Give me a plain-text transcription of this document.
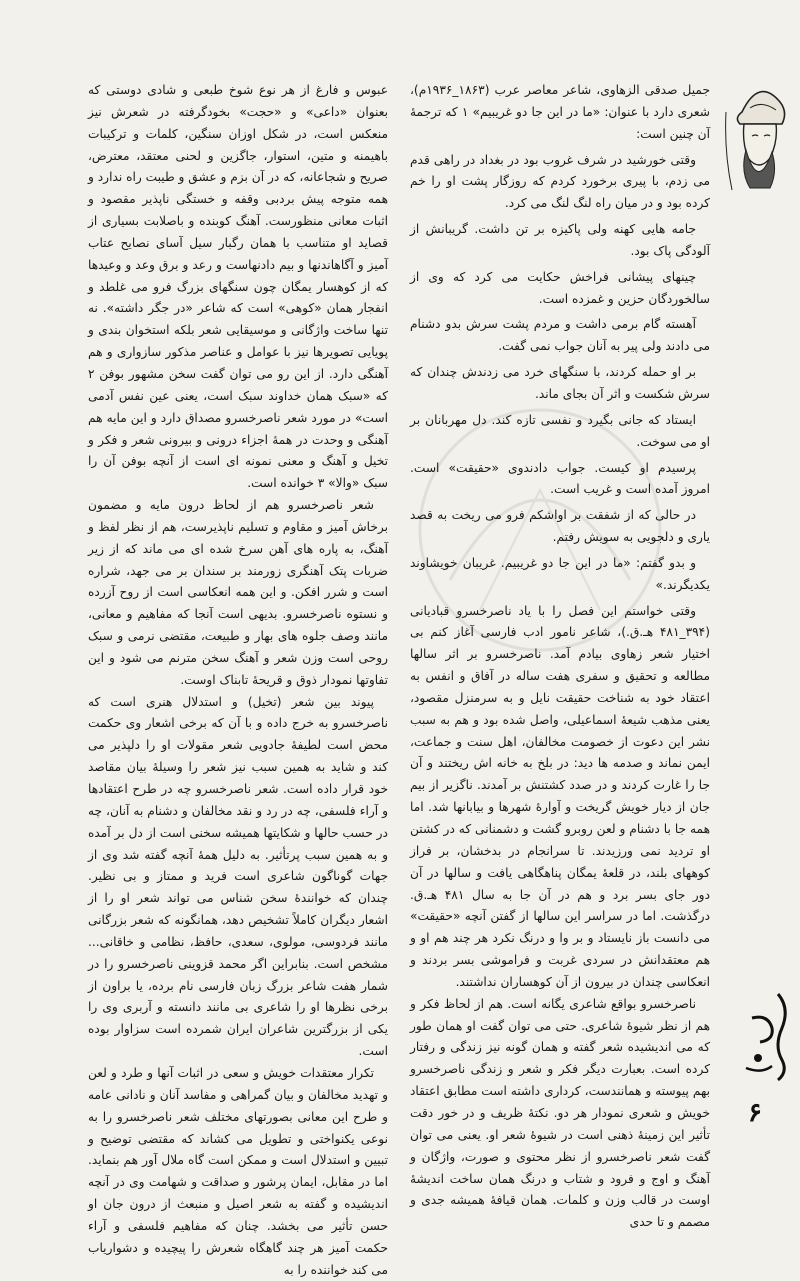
جمیل صدقی الزهاوی، شاعر معاصر عرب (۱۸۶۳_۱۹۳۶م)، شعری دارد با عنوان: «ما در این جا دو غریبیم» ۱ که ترجمهٔ آن چنین است:

وقتی خورشید در شرف غروب بود در بغداد در راهی قدم می زدم، با پیری برخورد کردم که روزگار پشت او را خم کرده بود و در میان راه لنگ لنگ می کرد.

جامه هایی کهنه ولی پاکیزه بر تن داشت. گریبانش از آلودگی پاک بود.

چینهای پیشانی فراخش حکایت می کرد که وی از سالخوردگان حزین و غمزده است.

آهسته گام برمی داشت و مردم پشت سرش بدو دشنام می دادند ولی پیر به آنان جواب نمی گفت.

بر او حمله کردند، با سنگهای خرد می زدندش چندان که سرش شکست و اثر آن بجای ماند.

ایستاد که جانی بگیرد و نفسی تازه کند. دل مهربانان بر او می سوخت.

پرسیدم او کیست. جواب دادندوی «حقیقت» است. امروز آمده است و غریب است.

در حالی که از شفقت بر اواشکم فرو می ریخت به قصد یاری و دلجویی به سویش رفتم.

و بدو گفتم: «ما در این جا دو غریبیم. غریبان خویشاوند یکدیگرند.»

وقتی خواستم این فصل را با یاد ناصرخسرو قبادیانی (۳۹۴_۴۸۱ هـ.ق.)، شاعر نامور ادب فارسی آغاز کنم بی اختیار شعر زهاوی بیادم آمد. ناصرخسرو بر اثر سالها مطالعه و تحقیق و سفری هفت ساله در آفاق و انفس به اعتقاد خود به شناخت حقیقت نایل و به سرمنزل مقصود، یعنی مذهب شیعهٔ اسماعیلی، واصل شده بود و هم به سبب نشر این دعوت از خصومت مخالفان، اهل سنت و جماعت، ایمن نماند و صدمه ها دید: در بلخ به خانه اش ریختند و آن جا را غارت کردند و در صدد کشتنش بر آمدند. ناگزیر از بیم جان از دیار خویش گریخت و آوارهٔ شهرها و بیابانها شد. اما همه جا با دشنام و لعن روبرو گشت و دشمنانی که در کشتن او تردید نمی ورزیدند. تا سرانجام در بدخشان، بر فراز کوههای بلند، در قلعهٔ یمگان پناهگاهی یافت و سالها در آن دور جای بسر برد و هم در آن جا به سال ۴۸۱ هـ.ق. درگذشت. اما در سراسر این سالها از گفتن آنچه «حقیقت» می دانست باز نایستاد و بر وا و درنگ نکرد هر چند هم او و هم معتقدانش در سردی غربت و فراموشی بسر بردند و انعکاسی چندان در بیرون از آن کوهساران نداشتند.

ناصرخسرو بواقع شاعری یگانه است. هم از لحاظ فکر و هم از نظر شیوهٔ شاعری. حتی می توان گفت او همان طور که می اندیشیده شعر گفته و همان گونه نیز زندگی و رفتار کرده است. بعبارت دیگر فکر و شعر و زندگی ناصرخسرو بهم پیوسته و همانندست، کرداری داشته است مطابق اعتقاد خویش و شعری نمودار هر دو. نکتهٔ ظریف و در خور دقت تأثیر این زمینهٔ ذهنی است در شیوهٔ شعر او. یعنی می توان گفت شعر ناصرخسرو از نظر محتوی و صورت، واژگان و آهنگ و اوج و فرود و شتاب و درنگ همان ساخت اندیشهٔ اوست در قالب وزن و کلمات. همان قیافهٔ همیشه جدی و مصمم و تا حدی

عبوس و فارغ از هر نوع شوخ طبعی و شادی دوستی که بعنوان «داعی» و «حجت» بخودگرفته در شعرش نیز منعکس است، در شکل اوزان سنگین، کلمات و ترکیبات باهیمنه و متین، استوار، جاگزین و لحنی معتقد، معترض، صریح و شجاعانه، که در آن بزم و عشق و طیبت راه ندارد و همه متوجه پیش بردبی وقفه و خستگی ناپذیر مقصود و اثبات معانی منظورست. آهنگ کوبنده و باصلابت بسیاری از قصاید او متناسب با همان رگبار سیل آسای نصایح عتاب آمیز و آگاهاندنها و بیم دادنهاست و رعد و برق وعد و وعیدها که از کوهسار یمگان چون سنگهای بزرگ فرو می غلطد و انفجار همان «کوهی» است که شاعر «در جگر داشته». نه تنها ساخت واژگانی و موسیقایی شعر بلکه استخوان بندی و پویایی تصویرها نیز با عوامل و عناصر مذکور سازواری و هم آهنگی دارد. از این رو می توان گفت سخن مشهور بوفن ۲ که «سبک همان خداوند سبک است، یعنی عین نفس آدمی است» در مورد شعر ناصرخسرو مصداق دارد و این مایه هم آهنگی و وحدت در همهٔ اجزاء درونی و بیرونی شعر و فکر و تخیل و آهنگ و معنی نمونه ای است از آنچه بوفن آن را سبک «والا» ۳ خوانده است.

شعر ناصرخسرو هم از لحاظ درون مایه و مضمون برخاش آمیز و مقاوم و تسلیم ناپذیرست، هم از نظر لفظ و آهنگ، به پاره های آهن سرخ شده ای می ماند که از زیر ضربات پتک آهنگری زورمند بر سندان بر می جهد، شراره است و شرر افکن. و این همه انعکاسی است از روح آزرده و نستوه ناصرخسرو. بدیهی است آنجا که مفاهیم و معانی، مانند وصف جلوه های بهار و طبیعت، مقتضی نرمی و سبک روحی است وزن شعر و آهنگ سخن مترنم می شود و این تفاوتها نمودار ذوق و قریحهٔ تابناک اوست.

پیوند بین شعر (تخیل) و استدلال هنری است که ناصرخسرو به خرج داده و با آن که برخی اشعار وی حکمت محض است لطیفهٔ جادویی شعر مقولات او را دلپذیر می کند و شاید به همین سبب نیز شعر را وسیلهٔ بیان مقاصد خود قرار داده است. شعر ناصرخسرو چه در طرح اعتقادها و آراء فلسفی، چه در رد و نقد مخالفان و دشنام به آنان، چه در حسب حالها و شکایتها همیشه سخنی است از دل بر آمده و به همین سبب پرتأثیر. به دلیل همهٔ آنچه گفته شد وی از جهات گوناگون شاعری است فرید و ممتاز و بی نظیر. چندان که خوانندهٔ سخن شناس می تواند شعر او را از اشعار دیگران کاملاً تشخیص دهد، همانگونه که شعر بزرگانی مانند فردوسی، مولوی، سعدی، حافظ، نظامی و خاقانی... مشخص است. بنابراین اگر محمد قزوینی ناصرخسرو را در شمار هفت شاعر بزرگ زبان فارسی نام برده، یا براون از برخی نظرها او را شاعری بی مانند دانسته و آربری وی را یکی از بزرگترین شاعران ایران شمرده است سزاوار بوده است.

تکرار معتقدات خویش و سعی در اثبات آنها و طرد و لعن و تهدید مخالفان و بیان گمراهی و مفاسد آنان و نادانی عامه و طرح این معانی بصورتهای مختلف شعر ناصرخسرو را به نوعی یکنواختی و تطویل می کشاند که مقتضی توضیح و تبیین و استدلال است و ممکن است گاه ملال آور هم بنماید. اما در مقابل، ایمان پرشور و صداقت و شهامت وی در آنچه اندیشیده و گفته به شعر اصیل و منبعث از درون جان او حسن تأثیر می بخشد. چنان که مفاهیم فلسفی و آراء حکمت آمیز هر چند گاهگاه شعرش را پیچیده و دشواریاب می کند خواننده را به

۶
